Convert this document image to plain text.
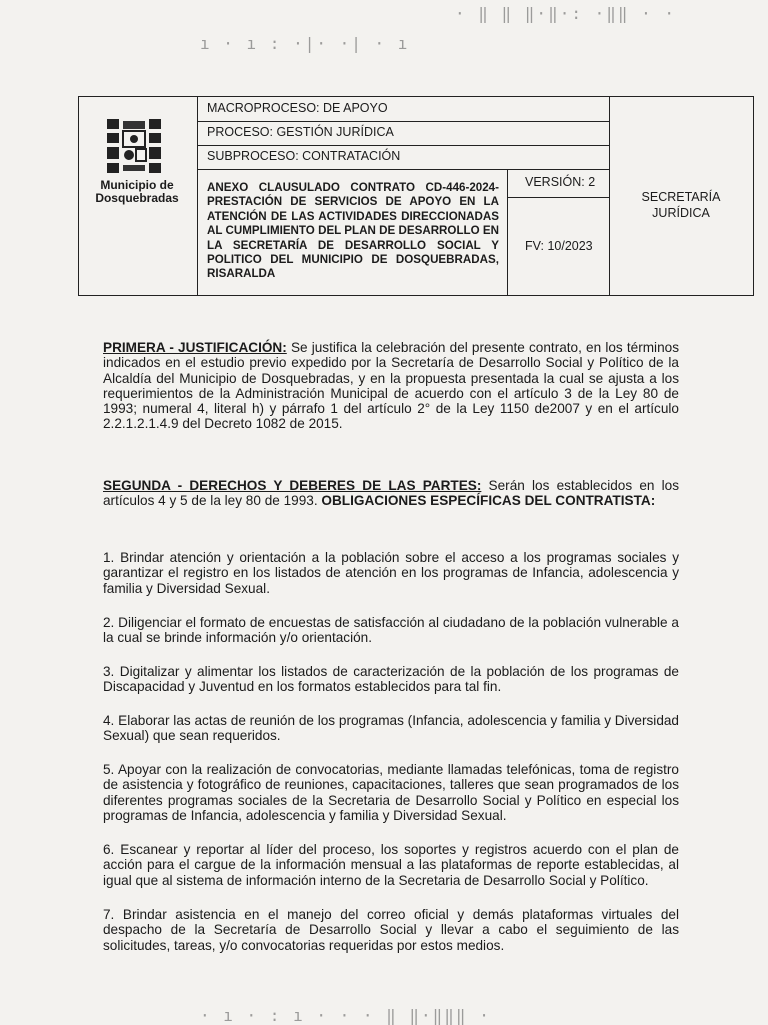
ı · ı : ·|· ·| · ı
· ‖ ‖ ‖·‖·: ·‖‖ · ·
Municipio de
Dosquebradas
MACROPROCESO: DE APOYO
PROCESO: GESTIÓN JURÍDICA
SUBPROCESO: CONTRATACIÓN
ANEXO CLAUSULADO CONTRATO CD-446-2024- PRESTACIÓN DE SERVICIOS DE APOYO EN LA ATENCIÓN DE LAS ACTIVIDADES DIRECCIONADAS AL CUMPLIMIENTO DEL PLAN DE DESARROLLO EN LA SECRETARÍA DE DESARROLLO SOCIAL Y POLITICO DEL MUNICIPIO DE DOSQUEBRADAS, RISARALDA
VERSIÓN: 2
FV: 10/2023
SECRETARÍA
JURÍDICA
PRIMERA - JUSTIFICACIÓN: Se justifica la celebración del presente contrato, en los términos indicados en el estudio previo expedido por la Secretaría de Desarrollo Social y Político de la Alcaldía del Municipio de Dosquebradas, y en la propuesta presentada la cual se ajusta a los requerimientos de la Administración Municipal de acuerdo con el artículo 3 de la Ley 80 de 1993; numeral 4, literal h) y párrafo 1 del artículo 2° de la Ley 1150 de2007 y en el artículo 2.2.1.2.1.4.9 del Decreto 1082 de 2015.
SEGUNDA - DERECHOS Y DEBERES DE LAS PARTES: Serán los establecidos en los artículos 4 y 5 de la ley 80 de 1993. OBLIGACIONES ESPECÍFICAS DEL CONTRATISTA:
1. Brindar atención y orientación a la población sobre el acceso a los programas sociales y garantizar el registro en los listados de atención en los programas de Infancia, adolescencia y familia y Diversidad Sexual.
2. Diligenciar el formato de encuestas de satisfacción al ciudadano de la población vulnerable a la cual se brinde información y/o orientación.
3. Digitalizar y alimentar los listados de caracterización de la población de los programas de Discapacidad y Juventud en los formatos establecidos para tal fin.
4. Elaborar las actas de reunión de los programas (Infancia, adolescencia y familia y Diversidad Sexual) que sean requeridos.
5. Apoyar con la realización de convocatorias, mediante llamadas telefónicas, toma de registro de asistencia y fotográfico de reuniones, capacitaciones, talleres que sean programados de los diferentes programas sociales de la Secretaria de Desarrollo Social y Político en especial los programas de Infancia, adolescencia y familia y Diversidad Sexual.
6. Escanear y reportar al líder del proceso, los soportes y registros acuerdo con el plan de acción para el cargue de la información mensual a las plataformas de reporte establecidas, al igual que al sistema de información interno de la Secretaria de Desarrollo Social y Político.
7. Brindar asistencia en el manejo del correo oficial y demás plataformas virtuales del despacho de la Secretaría de Desarrollo Social y llevar a cabo el seguimiento de las solicitudes, tareas, y/o convocatorias requeridas por estos medios.
· ı · : ı · · · ‖ ‖·‖‖‖ ·
